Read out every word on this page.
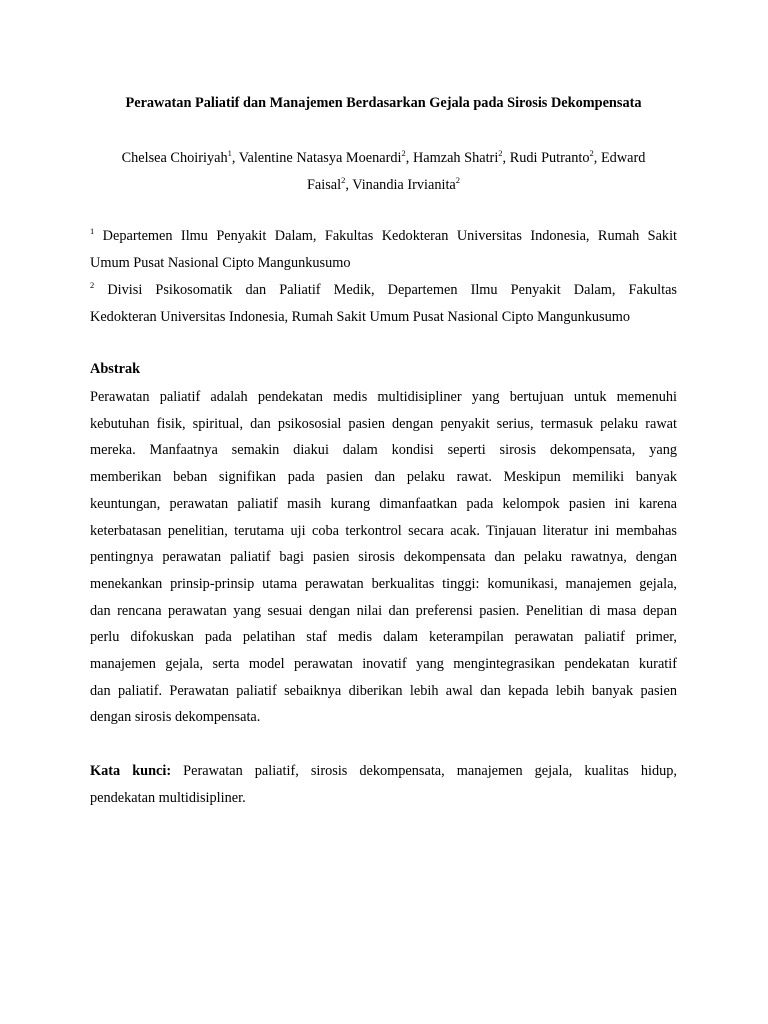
Perawatan Paliatif dan Manajemen Berdasarkan Gejala pada Sirosis Dekompensata
Chelsea Choiriyah$^1$, Valentine Natasya Moenardi$^2$, Hamzah Shatri$^2$, Rudi Putranto$^2$, Edward
Faisal$^2$, Vinandia Irvianita$^2$
$^1$ Departemen Ilmu Penyakit Dalam, Fakultas Kedokteran Universitas Indonesia, Rumah Sakit
Umum Pusat Nasional Cipto Mangunkusumo
$^2$ Divisi Psikosomatik dan Paliatif Medik, Departemen Ilmu Penyakit Dalam, Fakultas
Kedokteran Universitas Indonesia, Rumah Sakit Umum Pusat Nasional Cipto Mangunkusumo
Abstrak
Perawatan paliatif adalah pendekatan medis multidisipliner yang bertujuan untuk memenuhi
kebutuhan fisik, spiritual, dan psikososial pasien dengan penyakit serius, termasuk pelaku rawat
mereka. Manfaatnya semakin diakui dalam kondisi seperti sirosis dekompensata, yang
memberikan beban signifikan pada pasien dan pelaku rawat. Meskipun memiliki banyak
keuntungan, perawatan paliatif masih kurang dimanfaatkan pada kelompok pasien ini karena
keterbatasan penelitian, terutama uji coba terkontrol secara acak. Tinjauan literatur ini membahas
pentingnya perawatan paliatif bagi pasien sirosis dekompensata dan pelaku rawatnya, dengan
menekankan prinsip-prinsip utama perawatan berkualitas tinggi: komunikasi, manajemen gejala,
dan rencana perawatan yang sesuai dengan nilai dan preferensi pasien. Penelitian di masa depan
perlu difokuskan pada pelatihan staf medis dalam keterampilan perawatan paliatif primer,
manajemen gejala, serta model perawatan inovatif yang mengintegrasikan pendekatan kuratif
dan paliatif. Perawatan paliatif sebaiknya diberikan lebih awal dan kepada lebih banyak pasien
dengan sirosis dekompensata.
Kata kunci: Perawatan paliatif, sirosis dekompensata, manajemen gejala, kualitas hidup,
pendekatan multidisipliner.
